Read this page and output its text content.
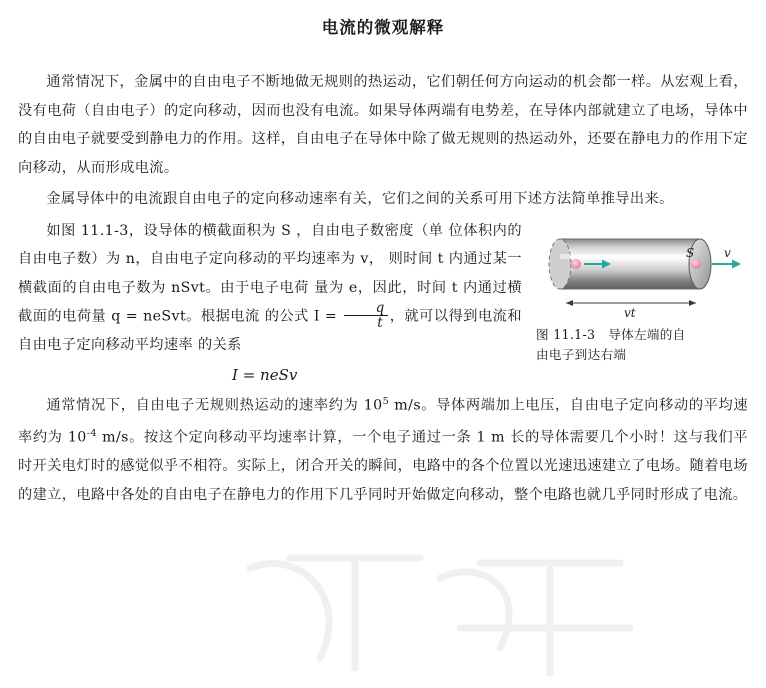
电流的微观解释

通常情况下，金属中的自由电子不断地做无规则的热运动，它们朝任何方向运动的机会都一样。从宏观上看，没有电荷（自由电子）的定向移动，因而也没有电流。如果导体两端有电势差，在导体内部就建立了电场，导体中的自由电子就要受到静电力的作用。这样，自由电子在导体中除了做无规则的热运动外，还要在静电力的作用下定向移动，从而形成电流。

金属导体中的电流跟自由电子的定向移动速率有关，它们之间的关系可用下述方法简单推导出来。

S v
vt
图 11.1-3　导体左端的自
由电子到达右端

如图 11.1-3，设导体的横截面积为 S ，自由电子数密度（单 位体积内的自由电子数）为 n，自由电子定向移动的平均速率为 v， 则时间 t 内通过某一横截面的自由电子数为 nSvt。由于电子电荷 量为 e，因此，时间 t 内通过横截面的电荷量 q = neSvt。根据电流 的公式 $I = \frac{q}{t}$ ，就可以得到电流和自由电子定向移动平均速率 的关系

I = neSv

通常情况下，自由电子无规则热运动的速率约为 $10^5$ m/s。导体两端加上电压，自由电子定向移动的平均速率约为 $10^{-4}$ m/s。按这个定向移动平均速率计算，一个电子通过一条 1 m 长的导体需要几个小时！这与我们平时开关电灯时的感觉似乎不相符。实际上，闭合开关的瞬间，电路中的各个位置以光速迅速建立了电场。随着电场的建立，电路中各处的自由电子在静电力的作用下几乎同时开始做定向移动，整个电路也就几乎同时形成了电流。
